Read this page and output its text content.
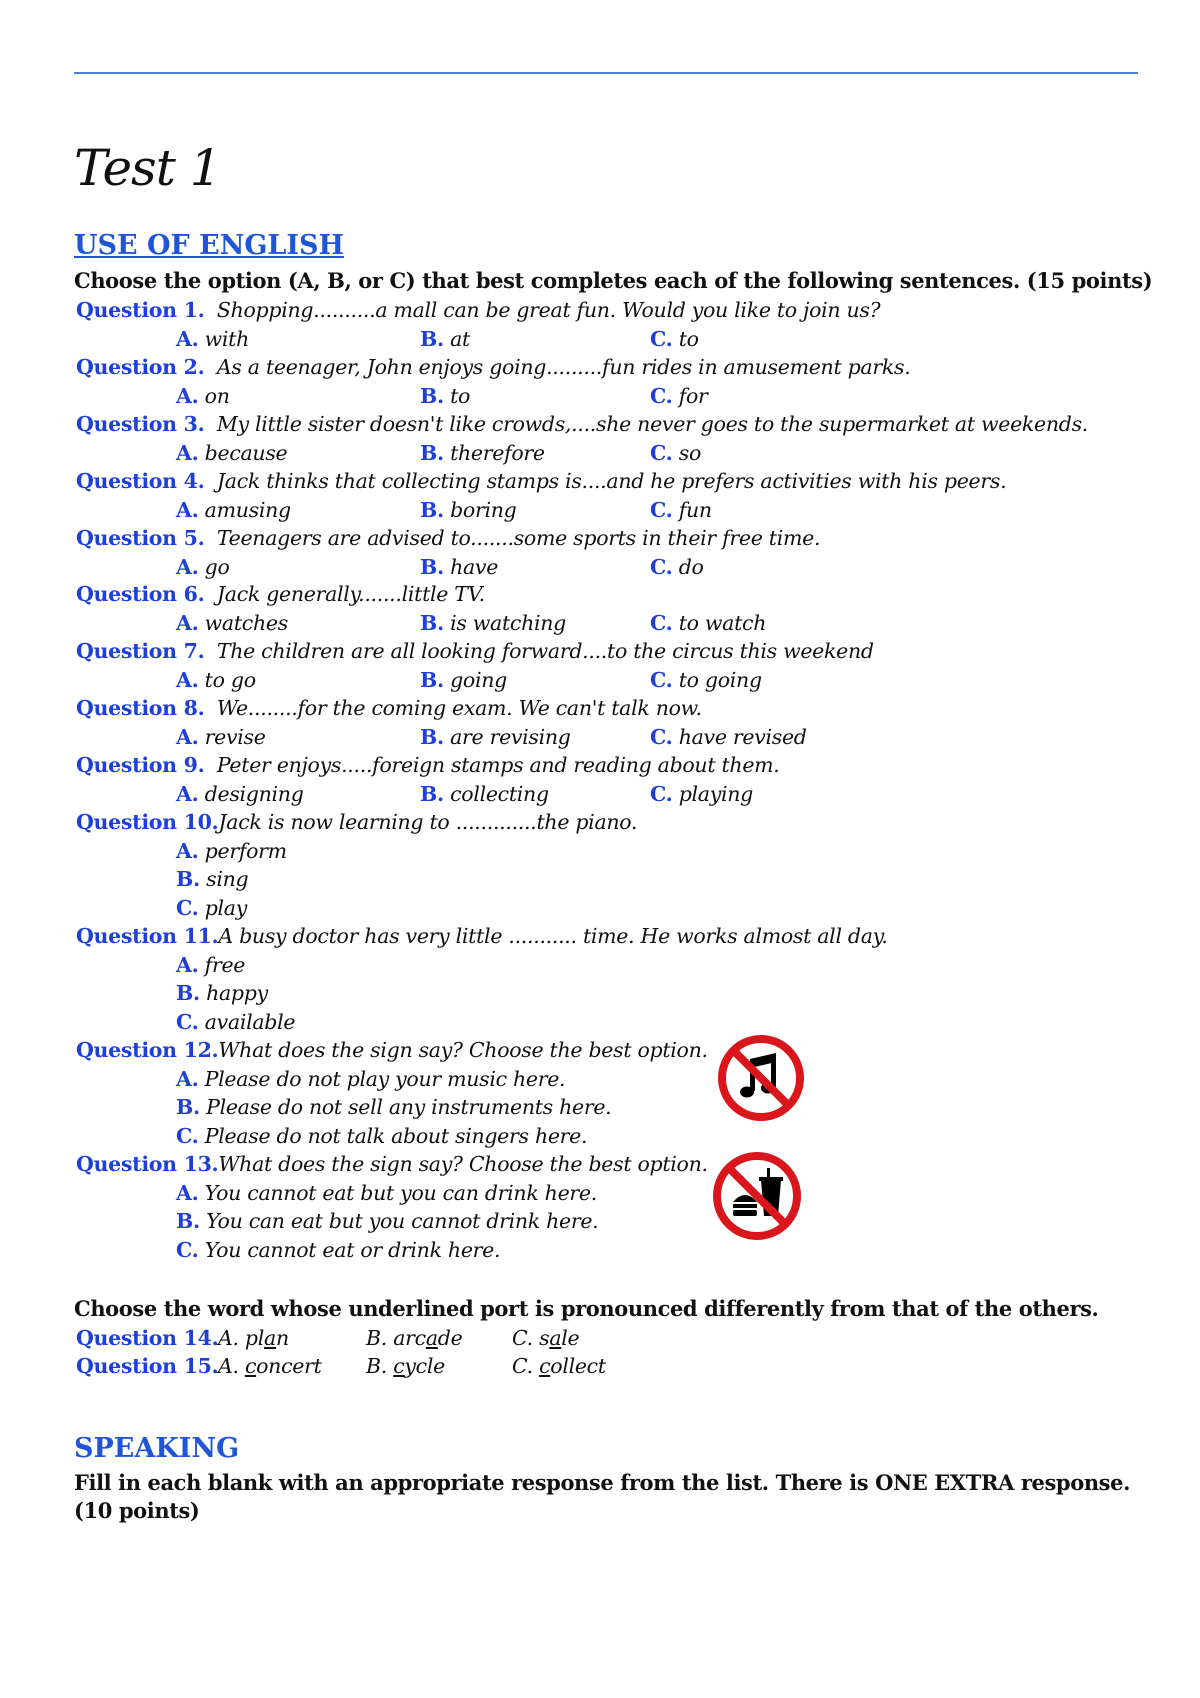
Test 1
USE OF ENGLISH
Choose the option (A, B, or C) that best completes each of the following sentences. (15 points)
Question 1. Shopping..........a mall can be great fun. Would you like to join us?
A. with	B. at	C. to
Question 2. As a teenager, John enjoys going.........fun rides in amusement parks.
A. on	B. to	C. for
Question 3. My little sister doesn't like crowds,....she never goes to the supermarket at weekends.
A. because	B. therefore	C. so
Question 4. Jack thinks that collecting stamps is....and he prefers activities with his peers.
A. amusing	B. boring	C. fun
Question 5. Teenagers are advised to.......some sports in their free time.
A. go	B. have	C. do
Question 6. Jack generally.......little TV.
A. watches	B. is watching	C. to watch
Question 7. The children are all looking forward....to the circus this weekend
A. to go	B. going	C. to going
Question 8. We........for the coming exam. We can't talk now.
A. revise	B. are revising	C. have revised
Question 9. Peter enjoys.....foreign stamps and reading about them.
A. designing	B. collecting	C. playing
Question 10.Jack is now learning to .............the piano.
A. perform
B. sing
C. play
Question 11.A busy doctor has very little ........... time. He works almost all day.
A. free
B. happy
C. available
Question 12.What does the sign say? Choose the best option.
A. Please do not play your music here.
B. Please do not sell any instruments here.
C. Please do not talk about singers here.
Question 13.What does the sign say? Choose the best option.
A. You cannot eat but you can drink here.
B. You can eat but you cannot drink here.
C. You cannot eat or drink here.
Choose the word whose underlined port is pronounced differently from that of the others.
Question 14. A. plan	B. arcade C. sale
Question 15. A. concert B. cycle	C. collect
SPEAKING
Fill in each blank with an appropriate response from the list. There is ONE EXTRA response.
(10 points)
